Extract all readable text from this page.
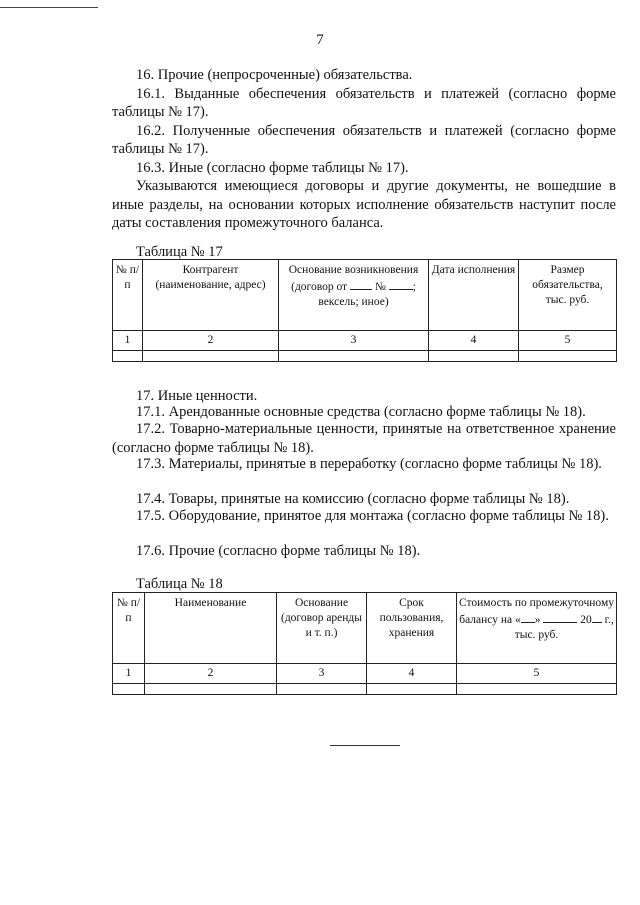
7

16. Прочие (непросроченные) обязательства.

16.1. Выданные обеспечения обязательств и платежей (согласно форме таблицы № 17).

16.2. Полученные обеспечения обязательств и платежей (согласно форме таблицы № 17).

16.3. Иные (согласно форме таблицы № 17).

Указываются имеющиеся договоры и другие документы, не вошедшие в иные разделы, на основании которых исполнение обязательств наступит после даты составления промежуточного баланса.

Таблица № 17
№ п/п	Контрагент (наименование, адрес)	Основание возникновения (договор от № ; вексель; иное)	Дата исполнения	Размер обязательства, тыс. руб.
1	2	3	4	5

17. Иные ценности.

17.1. Арендованные основные средства (согласно форме таблицы № 18).

17.2. Товарно-материальные ценности, принятые на ответственное хранение (согласно форме таблицы № 18).

17.3. Материалы, принятые в переработку (согласно форме таблицы № 18).

17.4. Товары, принятые на комиссию (согласно форме таблицы № 18).

17.5. Оборудование, принятое для монтажа (согласно форме таблицы № 18).

17.6. Прочие (согласно форме таблицы № 18).

Таблица № 18
№ п/п	Наименование	Основание (договор аренды и т. п.)	Срок пользования, хранения	Стоимость по промежуточному балансу на « » 20 г., тыс. руб.
1	2	3	4	5
